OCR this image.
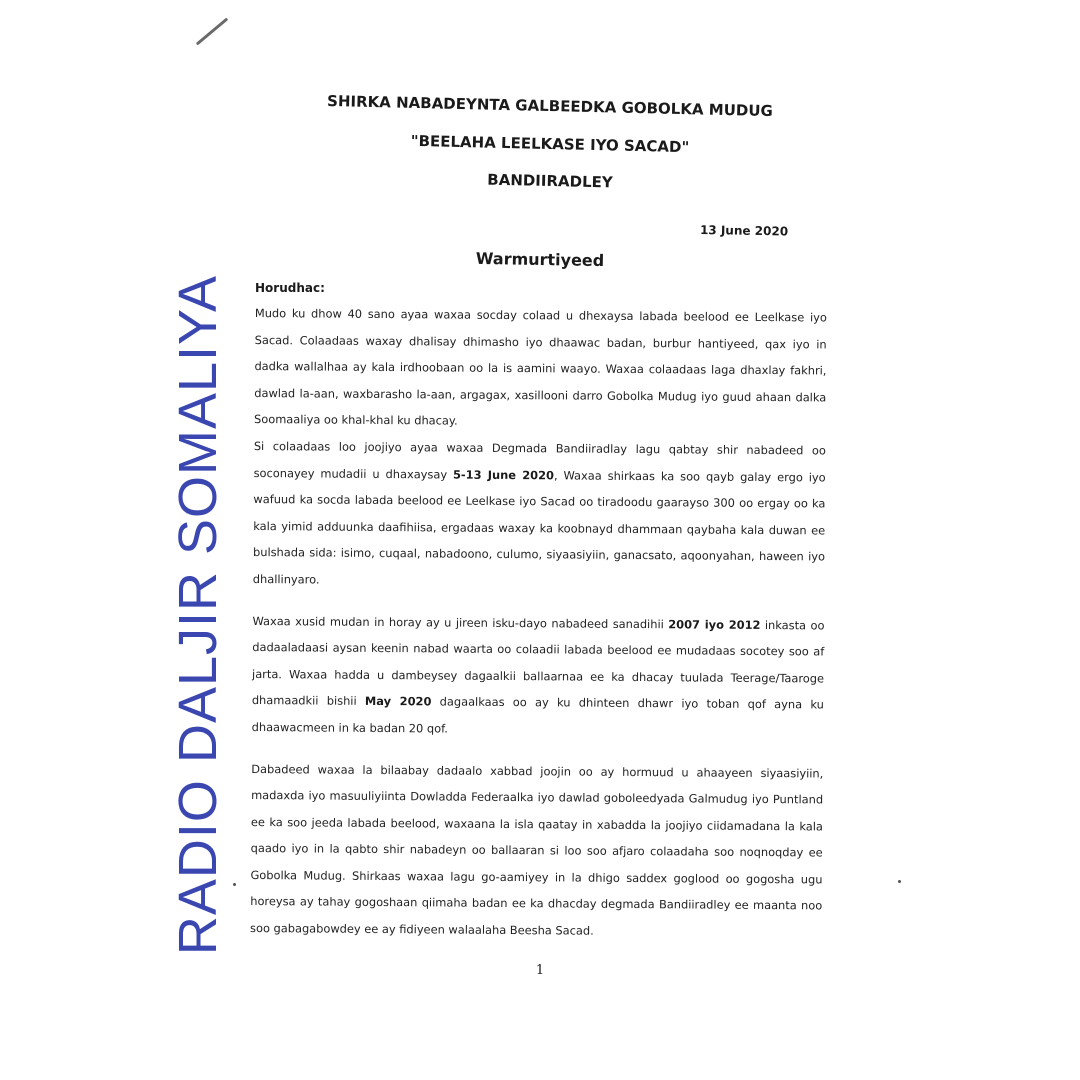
RADIO DALJIR SOMALIYA
SHIRKA NABADEYNTA GALBEEDKA GOBOLKA MUDUG
"BEELAHA LEELKASE IYO SACAD"
BANDIIRADLEY
13 June 2020
Warmurtiyeed
Horudhac:

Mudo ku dhow 40 sano ayaa waxaa socday colaad u dhexaysa labada beelood ee Leelkase iyo Sacad. Colaadaas waxay dhalisay dhimasho iyo dhaawac badan, burbur hantiyeed, qax iyo in dadka wallalhaa ay kala irdhoobaan oo la is aamini waayo. Waxaa colaadaas laga dhaxlay fakhri, dawlad la-aan, waxbarasho la-aan, argagax, xasillooni darro Gobolka Mudug iyo guud ahaan dalka Soomaaliya oo khal-khal ku dhacay.

Si colaadaas loo joojiyo ayaa waxaa Degmada Bandiiradlay lagu qabtay shir nabadeed oo soconayey mudadii u dhaxaysay 5-13 June 2020, Waxaa shirkaas ka soo qayb galay ergo iyo wafuud ka socda labada beelood ee Leelkase iyo Sacad oo tiradoodu gaarayso 300 oo ergay oo ka kala yimid adduunka daafihiisa, ergadaas waxay ka koobnayd dhammaan qaybaha kala duwan ee bulshada sida: isimo, cuqaal, nabadoono, culumo, siyaasiyiin, ganacsato, aqoonyahan, haween iyo dhallinyaro.

Waxaa xusid mudan in horay ay u jireen isku-dayo nabadeed sanadihii 2007 iyo 2012 inkasta oo dadaaladaasi aysan keenin nabad waarta oo colaadii labada beelood ee mudadaas socotey soo af jarta. Waxaa hadda u dambeysey dagaalkii ballaarnaa ee ka dhacay tuulada Teerage/Taaroge dhamaadkii bishii May 2020 dagaalkaas oo ay ku dhinteen dhawr iyo toban qof ayna ku dhaawacmeen in ka badan 20 qof.

Dabadeed waxaa la bilaabay dadaalo xabbad joojin oo ay hormuud u ahaayeen siyaasiyiin, madaxda iyo masuuliyiinta Dowladda Federaalka iyo dawlad goboleedyada Galmudug iyo Puntland ee ka soo jeeda labada beelood, waxaana la isla qaatay in xabadda la joojiyo ciidamadana la kala qaado iyo in la qabto shir nabadeyn oo ballaaran si loo soo afjaro colaadaha soo noqnoqday ee Gobolka Mudug. Shirkaas waxaa lagu go-aamiyey in la dhigo saddex goglood oo gogosha ugu horeysa ay tahay gogoshaan qiimaha badan ee ka dhacday degmada Bandiiradley ee maanta noo soo gabagabowdey ee ay fidiyeen walaalaha Beesha Sacad.

1
